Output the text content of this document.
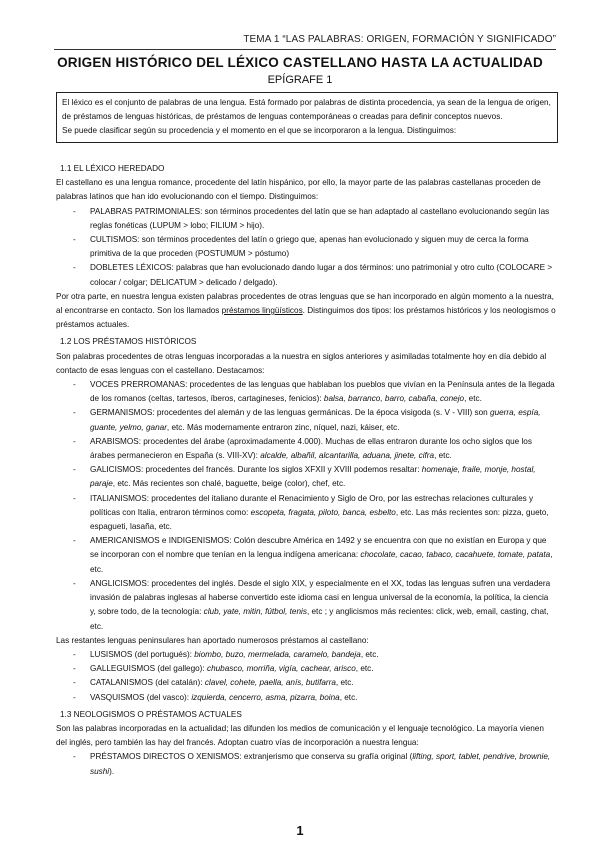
TEMA 1 “LAS PALABRAS: ORIGEN, FORMACIÓN Y SIGNIFICADO”
ORIGEN HISTÓRICO DEL LÉXICO CASTELLANO HASTA LA ACTUALIDAD
EPÍGRAFE 1

El léxico es el conjunto de palabras de una lengua. Está formado por palabras de distinta procedencia, ya sean de la lengua de origen, de préstamos de lenguas históricas, de préstamos de lenguas contemporáneas o creadas para definir conceptos nuevos.

Se puede clasificar según su procedencia y el momento en el que se incorporaron a la lengua. Distinguimos:

1.1 EL LÉXICO HEREDADO

El castellano es una lengua romance, procedente del latín hispánico, por ello, la mayor parte de las palabras castellanas proceden de palabras latinos que han ido evolucionando con el tiempo. Distinguimos:

- PALABRAS PATRIMONIALES: son términos procedentes del latín que se han adaptado al castellano evolucionando según las reglas fonéticas (LUPUM > lobo; FILIUM > hijo).
- CULTISMOS: son términos procedentes del latín o griego que, apenas han evolucionado y siguen muy de cerca la forma primitiva de la que proceden (POSTUMUM > póstumo)
- DOBLETES LÉXICOS: palabras que han evolucionado dando lugar a dos términos: uno patrimonial y otro culto (COLOCARE > colocar / colgar; DELICATUM > delicado / delgado).

Por otra parte, en nuestra lengua existen palabras procedentes de otras lenguas que se han incorporado en algún momento a la nuestra, al encontrarse en contacto. Son los llamados préstamos lingüísticos. Distinguimos dos tipos: los préstamos históricos y los neologismos o préstamos actuales.

1.2 LOS PRÉSTAMOS HISTÓRICOS

Son palabras procedentes de otras lenguas incorporadas a la nuestra en siglos anteriores y asimiladas totalmente hoy en día debido al contacto de esas lenguas con el castellano. Destacamos:

- VOCES PRERROMANAS: procedentes de las lenguas que hablaban los pueblos que vivían en la Península antes de la llegada de los romanos (celtas, tartesos, íberos, cartagineses, fenicios): balsa, barranco, barro, cabaña, conejo, etc.
- GERMANISMOS: procedentes del alemán y de las lenguas germánicas. De la época visigoda (s. V - VIII) son guerra, espía, guante, yelmo, ganar, etc. Más modernamente entraron zinc, níquel, nazi, káiser, etc.
- ARABISMOS: procedentes del árabe (aproximadamente 4.000). Muchas de ellas entraron durante los ocho siglos que los árabes permanecieron en España (s. VIII-XV): alcalde, albañil, alcantarilla, aduana, jinete, cifra, etc.
- GALICISMOS: procedentes del francés. Durante los siglos XFXII y XVIII podemos resaltar: homenaje, fraile, monje, hostal, paraje, etc. Más recientes son chalé, baguette, beige (color), chef, etc.
- ITALIANISMOS: procedentes del italiano durante el Renacimiento y Siglo de Oro, por las estrechas relaciones culturales y políticas con Italia, entraron términos como: escopeta, fragata, piloto, banca, esbelto, etc. Las más recientes son: pizza, gueto, espagueti, lasaña, etc.
- AMERICANISMOS e INDIGENISMOS: Colón descubre América en 1492 y se encuentra con que no existían en Europa y que se incorporan con el nombre que tenían en la lengua indígena americana: chocolate, cacao, tabaco, cacahuete, tomate, patata, etc.
- ANGLICISMOS: procedentes del inglés. Desde el siglo XIX, y especialmente en el XX, todas las lenguas sufren una verdadera invasión de palabras inglesas al haberse convertido este idioma casi en lengua universal de la economía, la política, la ciencia y, sobre todo, de la tecnología: club, yate, mitin, fútbol, tenis, etc ; y anglicismos más recientes: click, web, email, casting, chat, etc.

Las restantes lenguas peninsulares han aportado numerosos préstamos al castellano:

- LUSISMOS (del portugués): biombo, buzo, mermelada, caramelo, bandeja, etc.
- GALLEGUISMOS (del gallego): chubasco, morriña, vigía, cachear, arisco, etc.
- CATALANISMOS (del catalán): clavel, cohete, paella, anís, butifarra, etc.
- VASQUISMOS (del vasco): izquierda, cencerro, asma, pizarra, boina, etc.
1.3 NEOLOGISMOS O PRÉSTAMOS ACTUALES

Son las palabras incorporadas en la actualidad; las difunden los medios de comunicación y el lenguaje tecnológico. La mayoría vienen del inglés, pero también las hay del francés. Adoptan cuatro vías de incorporación a nuestra lengua:

- PRÉSTAMOS DIRECTOS O XENISMOS: extranjerismo que conserva su grafía original (lifting, sport, tablet, pendrive, brownie, sushi).
1
